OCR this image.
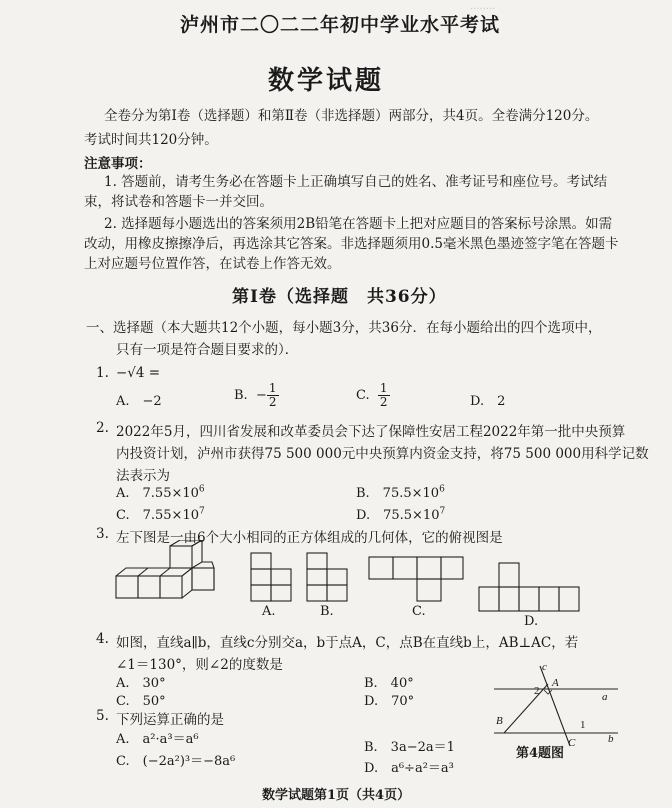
‧‧‧‧‧‧‧‧
泸州市二〇二二年初中学业水平考试
数学试题
全卷分为第Ⅰ卷（选择题）和第Ⅱ卷（非选择题）两部分，共4页。全卷满分120分。
考试时间共120分钟。
注意事项：
1. 答题前，请考生务必在答题卡上正确填写自己的姓名、准考证号和座位号。考试结
束，将试卷和答题卡一并交回。
2. 选择题每小题选出的答案须用2B铅笔在答题卡上把对应题目的答案标号涂黑。如需
改动，用橡皮擦擦净后，再选涂其它答案。非选择题须用0.5毫米黑色墨迹签字笔在答题卡
上对应题号位置作答，在试卷上作答无效。
第Ⅰ卷（选择题　共36分）
一、选择题（本大题共12个小题，每小题3分，共36分．在每小题给出的四个选项中，
只有一项是符合题目要求的）．
1. −√4 =
A.　−2	B. − $\frac{1}{2}$	C. $\frac{1}{2}$	D.　2
2. 2022年5月，四川省发展和改革委员会下达了保障性安居工程2022年第一批中央预算
内投资计划，泸州市获得75 500 000元中央预算内资金支持，将75 500 000用科学记数
法表示为
A.　$7.55\times 10^6$	B.　$75.5\times 10^6$
C.　$7.55\times 10^7$	D.　$75.5\times 10^7$
3. 左下图是一由6个大小相同的正方体组成的几何体，它的俯视图是
A.	B.	C.
D.
4. 如图，直线a∥b，直线c分别交a，b于点A，C，点B在直线b上，AB⊥AC，若
∠1＝130°，则∠2的度数是
A.　30°	B.　40°
C.　50°	D.　70°
c
A
a
2
B
C
1
b
第4题图
5. 下列运算正确的是
A.　a²·a³＝a⁶
B.　3a−2a＝1
C.　(−2a²)³＝−8a⁶	D.　a⁶÷a²＝a³
数学试题第1页（共4页）
